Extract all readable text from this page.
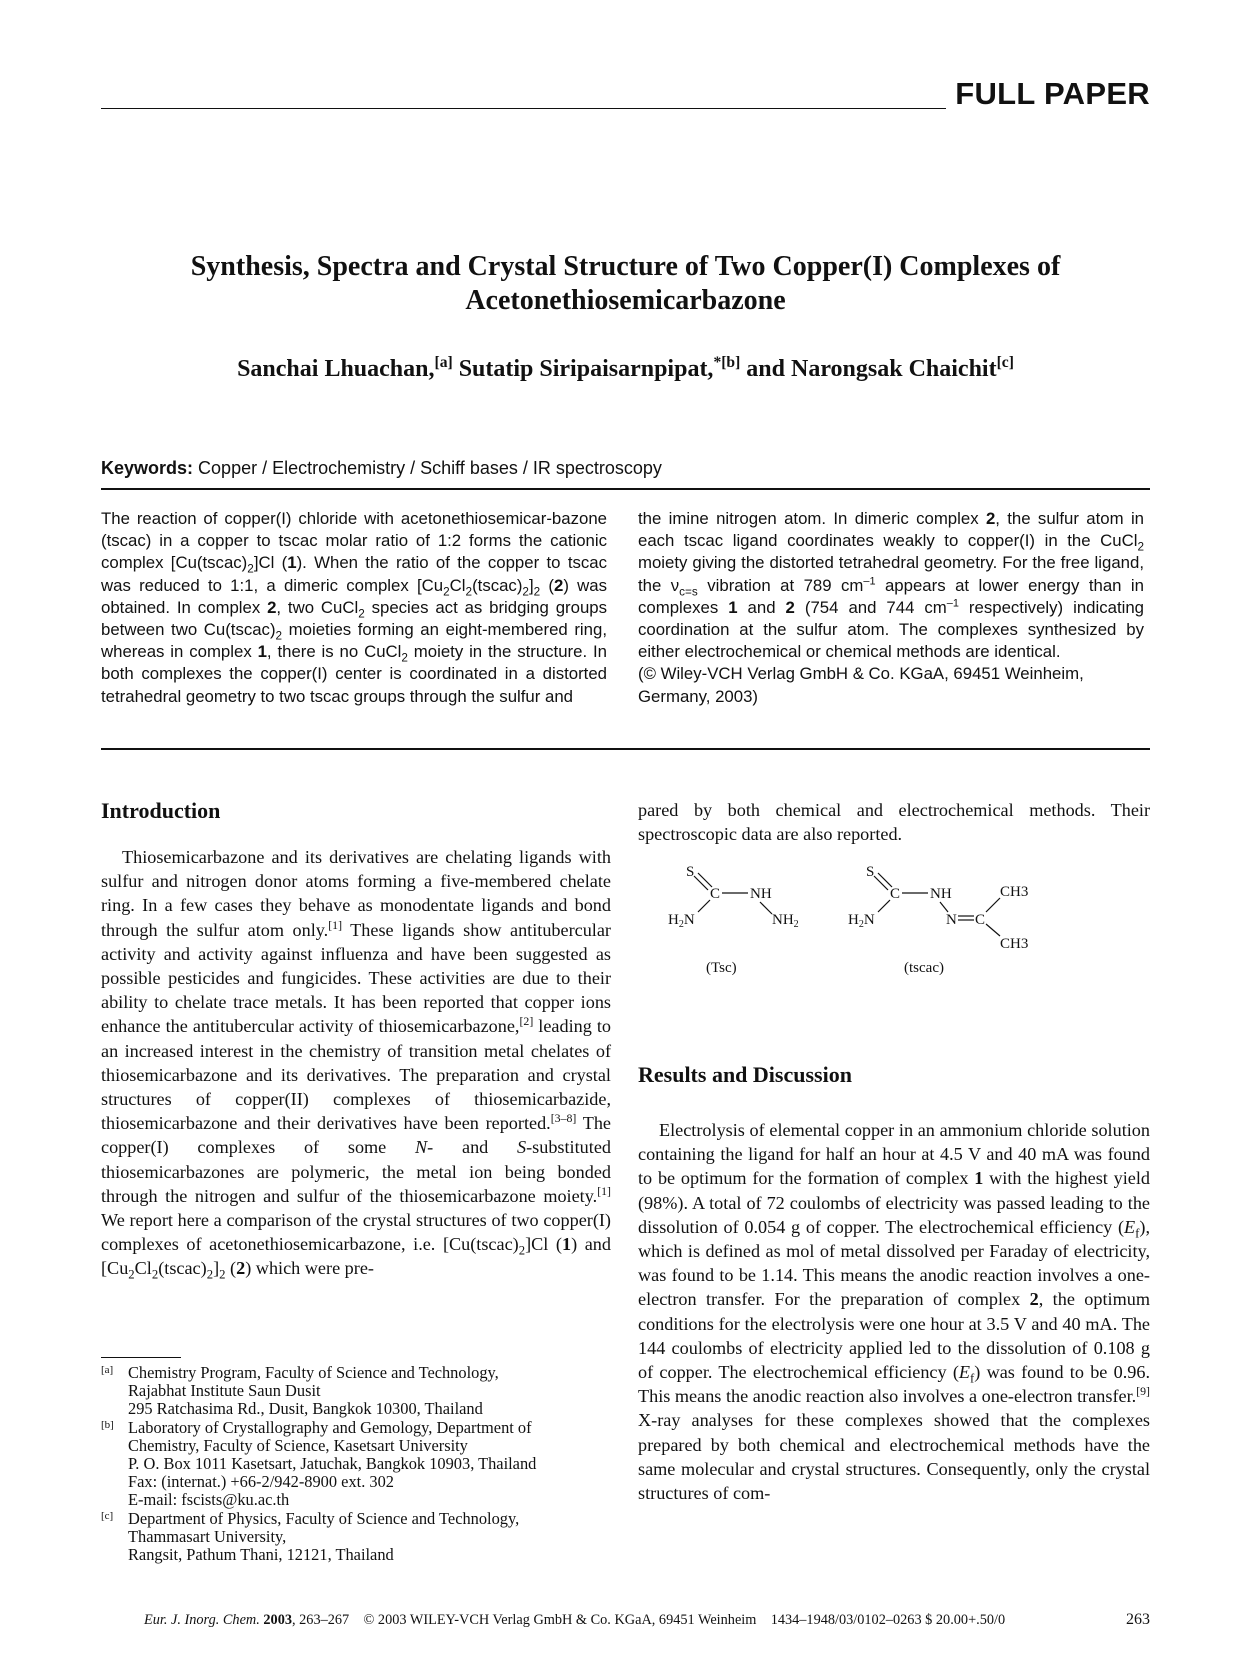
FULL PAPER
Synthesis, Spectra and Crystal Structure of Two Copper(I) Complexes of
Acetonethiosemicarbazone
Sanchai Lhuachan,[a] Sutatip Siripaisarnpipat,$^{*[b]}$ and Narongsak Chaichit[c]
Keywords: Copper / Electrochemistry / Schiff bases / IR spectroscopy
The reaction of copper(I) chloride with acetonethiosemicar-bazone (tscac) in a copper to tscac molar ratio of 1:2 forms the cationic complex $[Cu(tscac)_2]Cl$ (1). When the ratio of the copper to tscac was reduced to 1:1, a dimeric complex $[Cu_2Cl_2(tscac)_2]_2$ (2) was obtained. In complex 2, two CuCl$_2$ species act as bridging groups between two $Cu(tscac)_2$ moieties forming an eight-membered ring, whereas in complex 1, there is no CuCl$_2$ moiety in the structure. In both complexes the copper(I) center is coordinated in a distorted tetrahedral geometry to two tscac groups through the sulfur and
the imine nitrogen atom. In dimeric complex 2, the sulfur atom in each tscac ligand coordinates weakly to copper(I) in the CuCl$_2$ moiety giving the distorted tetrahedral geometry. For the free ligand, the $\nu_{c=s}$ vibration at 789 $cm^{-1}$ appears at lower energy than in complexes 1 and 2 (754 and 744 $cm^{-1}$ respectively) indicating coordination at the sulfur atom. The complexes synthesized by either electrochemical or chemical methods are identical.
(© Wiley-VCH Verlag GmbH & Co. KGaA, 69451 Weinheim, Germany, 2003)
Introduction

Thiosemicarbazone and its derivatives are chelating ligands with sulfur and nitrogen donor atoms forming a five-membered chelate ring. In a few cases they behave as monodentate ligands and bond through the sulfur atom only.[1] These ligands show antitubercular activity and activity against influenza and have been suggested as possible pesticides and fungicides. These activities are due to their ability to chelate trace metals. It has been reported that copper ions enhance the antitubercular activity of thiosemicarbazone,[2] leading to an increased interest in the chemistry of transition metal chelates of thiosemicarbazone and its derivatives. The preparation and crystal structures of copper(II) complexes of thiosemicarbazide, thiosemicarbazone and their derivatives have been reported.[3–8] The copper(I) complexes of some N- and S-substituted thiosemicarbazones are polymeric, the metal ion being bonded through the nitrogen and sulfur of the thiosemicarbazone moiety.[1] We report here a comparison of the crystal structures of two copper(I) complexes of acetonethiosemicarbazone, i.e. $[Cu(tscac)_2]Cl$ (1) and $[Cu_2Cl_2(tscac)_2]_2$ (2) which were pre-

pared by both chemical and electrochemical methods. Their spectroscopic data are also reported.
S
C NH
$H_2N$	$NH_2$
(Tsc)
S
C NH
$H_2N$	N C
CH3
CH3
(tscac)
Results and Discussion

Electrolysis of elemental copper in an ammonium chloride solution containing the ligand for half an hour at 4.5 V and 40 mA was found to be optimum for the formation of complex 1 with the highest yield (98%). A total of 72 coulombs of electricity was passed leading to the dissolution of 0.054 g of copper. The electrochemical efficiency $(E_f)$, which is defined as mol of metal dissolved per Faraday of electricity, was found to be 1.14. This means the anodic reaction involves a one-electron transfer. For the preparation of complex 2, the optimum conditions for the electrolysis were one hour at 3.5 V and 40 mA. The 144 coulombs of electricity applied led to the dissolution of 0.108 g of copper. The electrochemical efficiency $(E_f)$ was found to be 0.96. This means the anodic reaction also involves a one-electron transfer.[9] X-ray analyses for these complexes showed that the complexes prepared by both chemical and electrochemical methods have the same molecular and crystal structures. Consequently, only the crystal structures of com-

[a] Chemistry Program, Faculty of Science and Technology,
Rajabhat Institute Saun Dusit
295 Ratchasima Rd., Dusit, Bangkok 10300, Thailand
[b] Laboratory of Crystallography and Gemology, Department of
Chemistry, Faculty of Science, Kasetsart University
P. O. Box 1011 Kasetsart, Jatuchak, Bangkok 10903, Thailand
Fax: (internat.) +66-2/942-8900 ext. 302
E-mail: fscists@ku.ac.th
[c] Department of Physics, Faculty of Science and Technology,
Thammasart University,
Rangsit, Pathum Thani, 12121, Thailand
Eur. J. Inorg. Chem. 2003, 263–267 © 2003 WILEY-VCH Verlag GmbH & Co. KGaA, 69451 Weinheim 1434–1948/03/0102–0263 $ 20.00+.50/0	263
